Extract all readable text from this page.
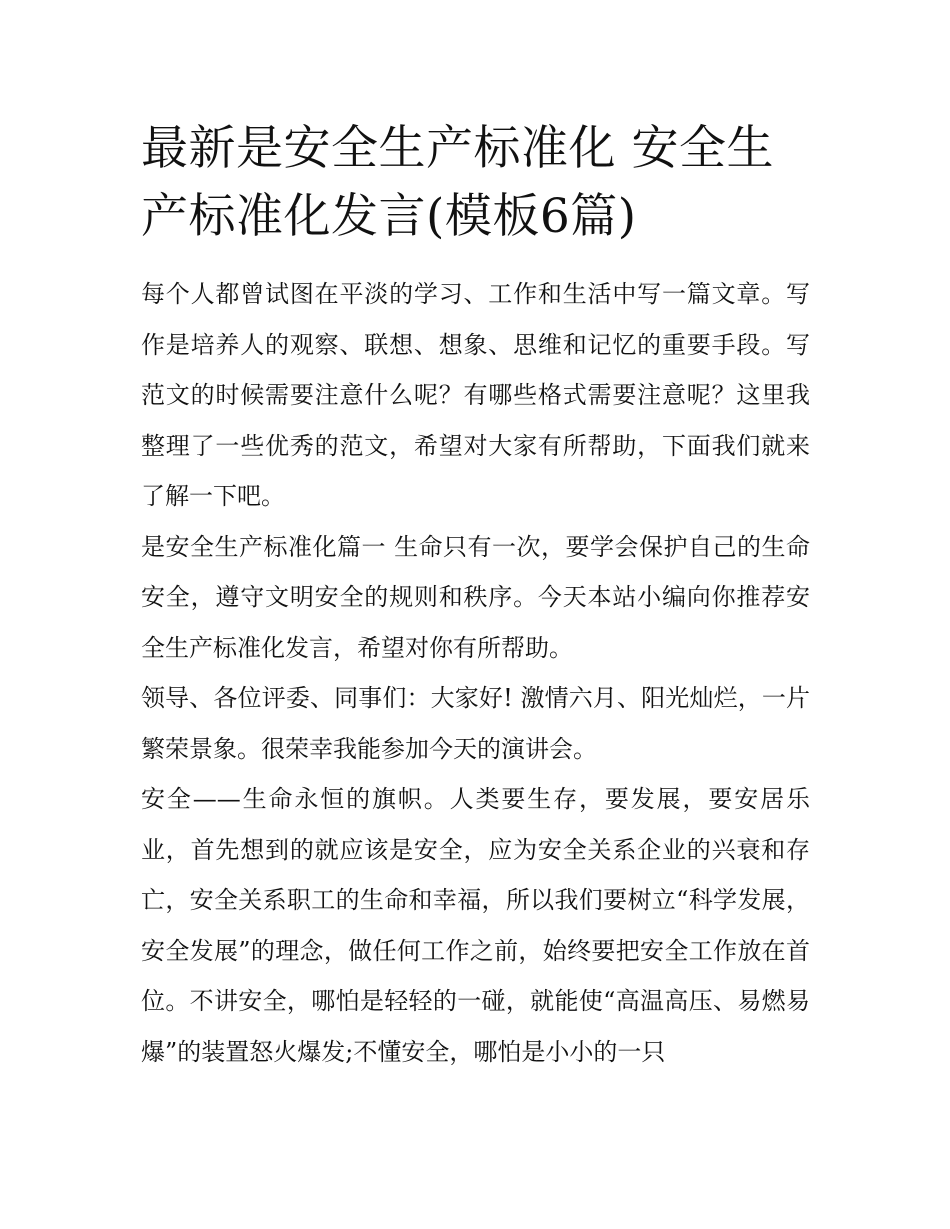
最新是安全生产标准化 安全生产标准化发言(模板6篇)

每个人都曾试图在平淡的学习、工作和生活中写一篇文章。写作是培养人的观察、联想、想象、思维和记忆的重要手段。写范文的时候需要注意什么呢？有哪些格式需要注意呢？这里我整理了一些优秀的范文，希望对大家有所帮助，下面我们就来了解一下吧。

是安全生产标准化篇一 生命只有一次，要学会保护自己的生命安全，遵守文明安全的规则和秩序。今天本站小编向你推荐安全生产标准化发言，希望对你有所帮助。

领导、各位评委、同事们：大家好! 激情六月、阳光灿烂，一片繁荣景象。很荣幸我能参加今天的演讲会。

安全——生命永恒的旗帜。人类要生存，要发展，要安居乐业，首先想到的就应该是安全，应为安全关系企业的兴衰和存亡，安全关系职工的生命和幸福，所以我们要树立“科学发展，安全发展”的理念，做任何工作之前，始终要把安全工作放在首位。不讲安全，哪怕是轻轻的一碰，就能使“高温高压、易燃易爆”的装置怒火爆发;不懂安全，哪怕是小小的一只
